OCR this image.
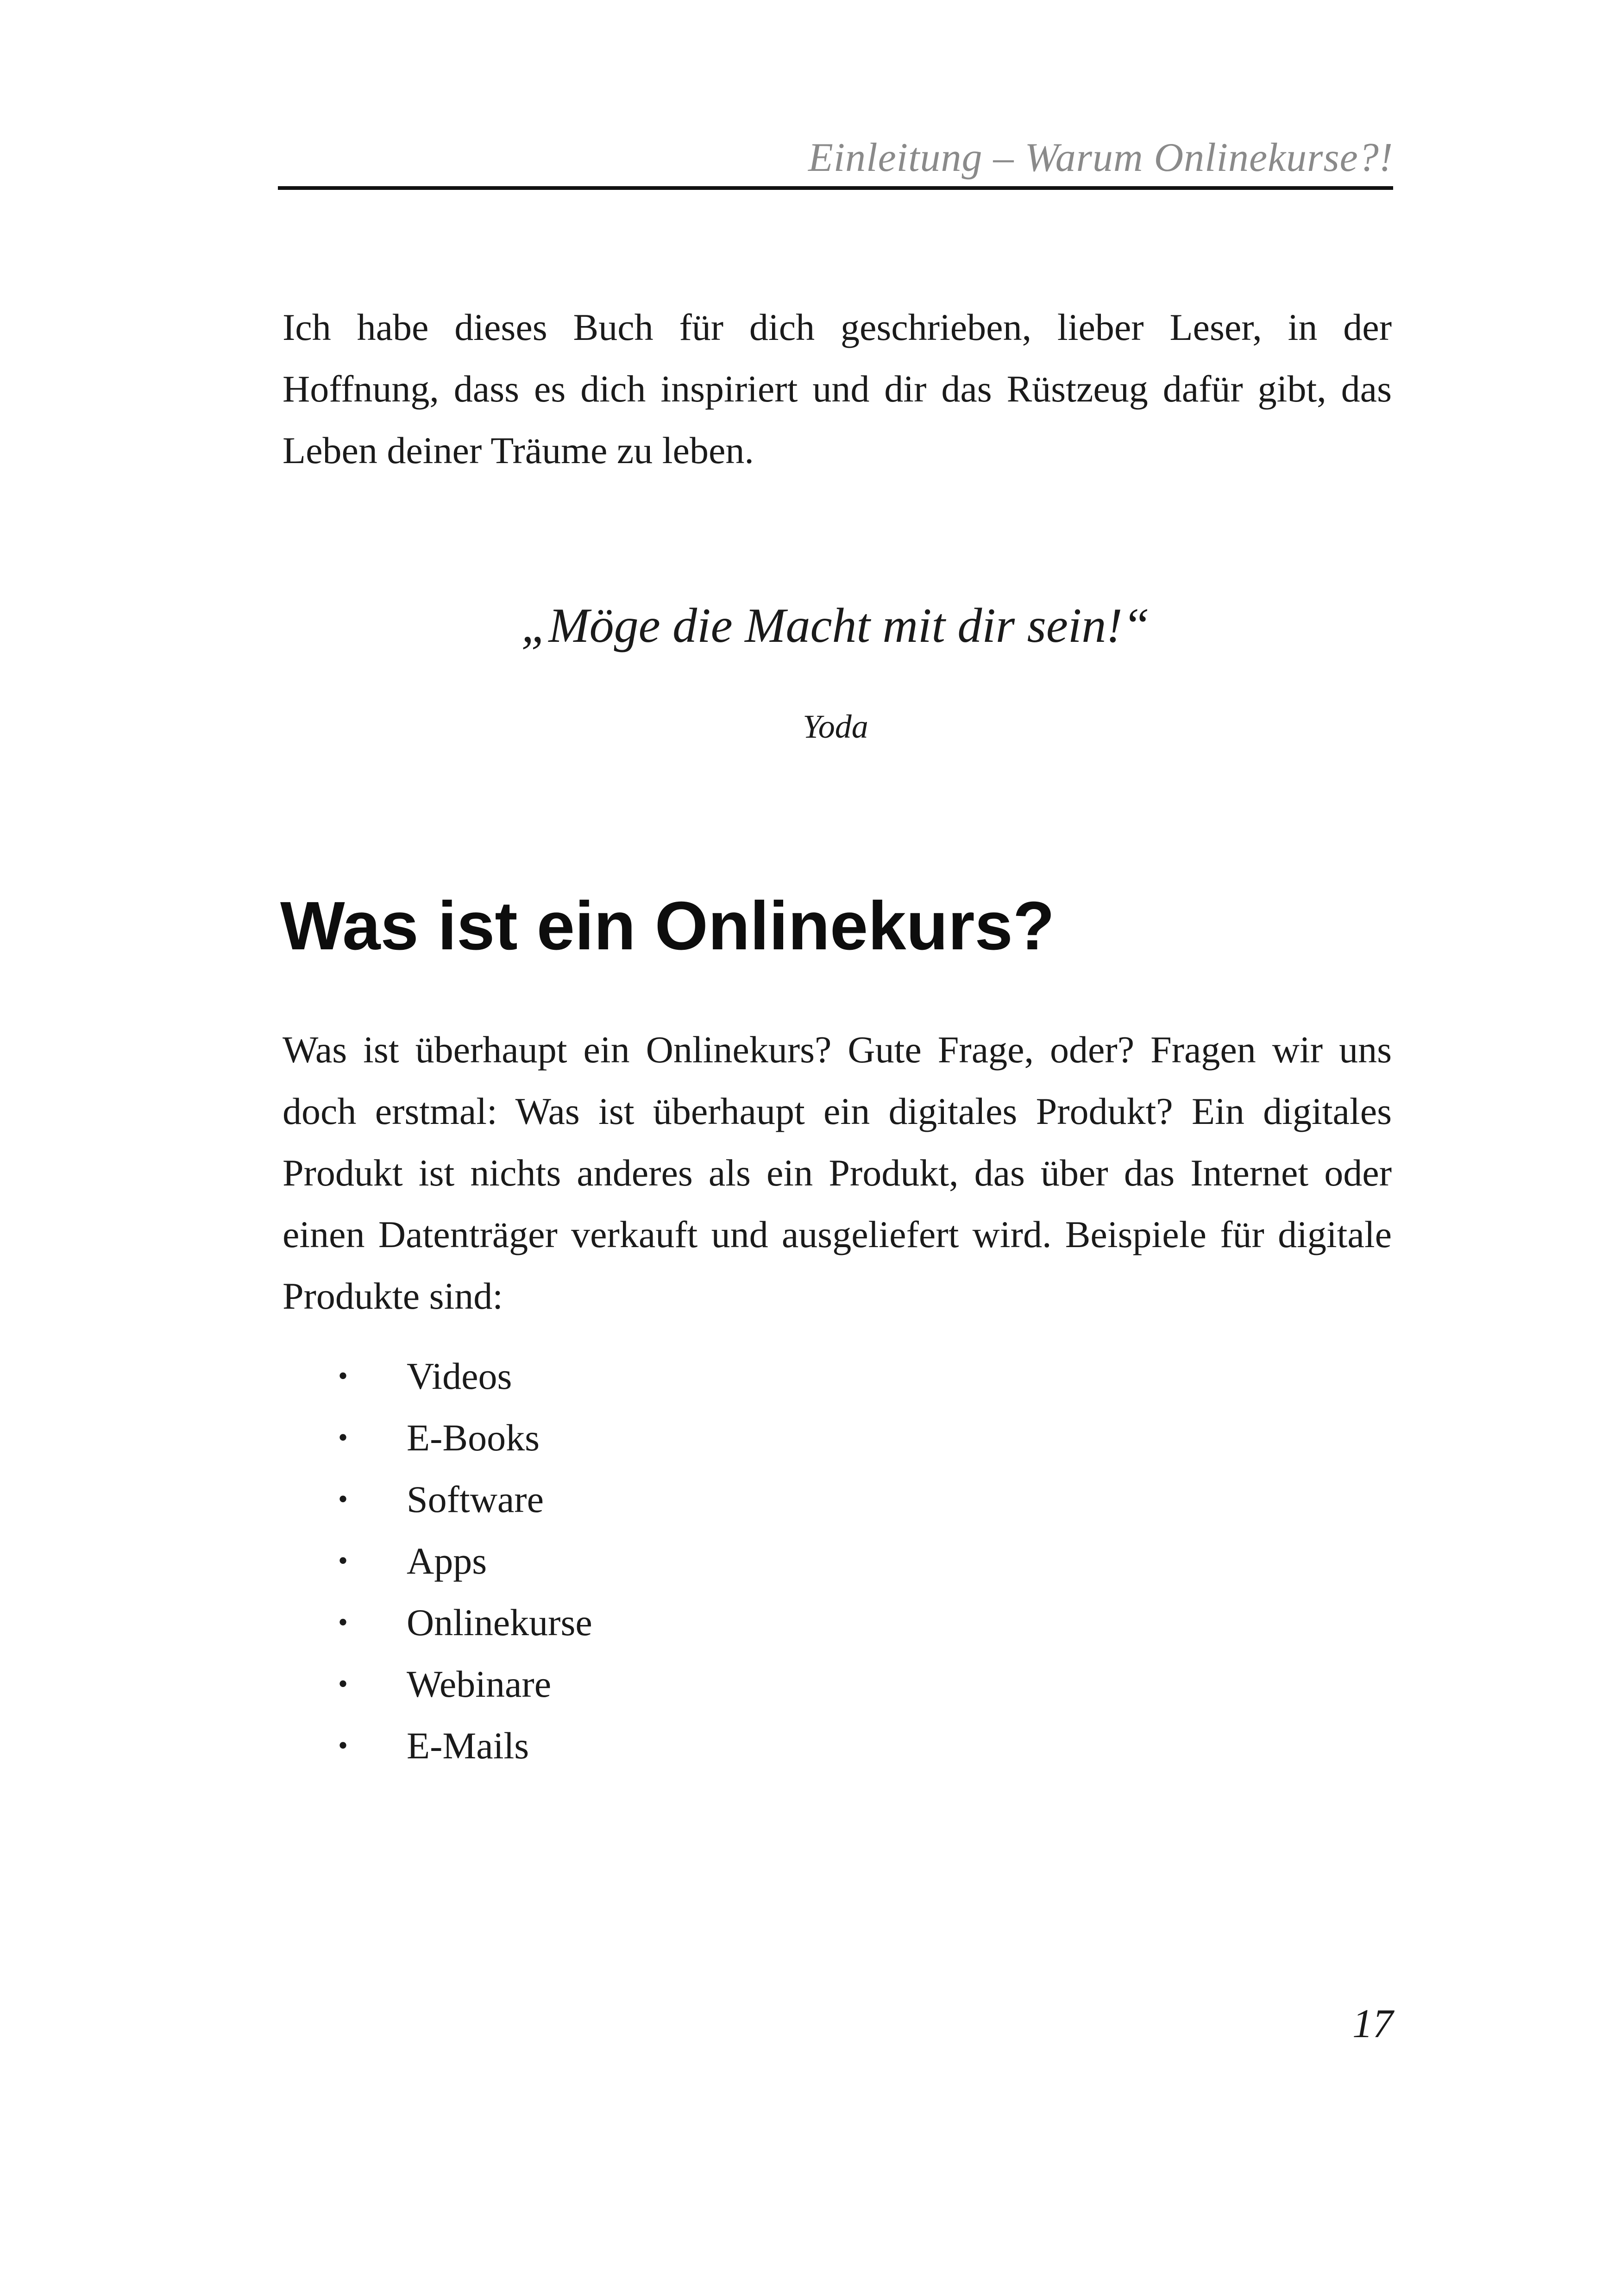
Einleitung – Warum Onlinekurse?!

Ich habe dieses Buch für dich geschrieben, lieber Leser, in der Hoffnung, dass es dich inspiriert und dir das Rüstzeug dafür gibt, das Leben deiner Träume zu leben.

„Möge die Macht mit dir sein!“
Yoda
Was ist ein Onlinekurs?

Was ist überhaupt ein Onlinekurs? Gute Frage, oder? Fragen wir uns doch erstmal: Was ist überhaupt ein digitales Produkt? Ein digitales Produkt ist nichts anderes als ein Produkt, das über das Internet oder einen Datenträger verkauft und ausgeliefert wird. Beispiele für digitale Produkte sind:

• Videos
• E-Books
• Software
• Apps
• Onlinekurse
• Webinare
• E-Mails
17
